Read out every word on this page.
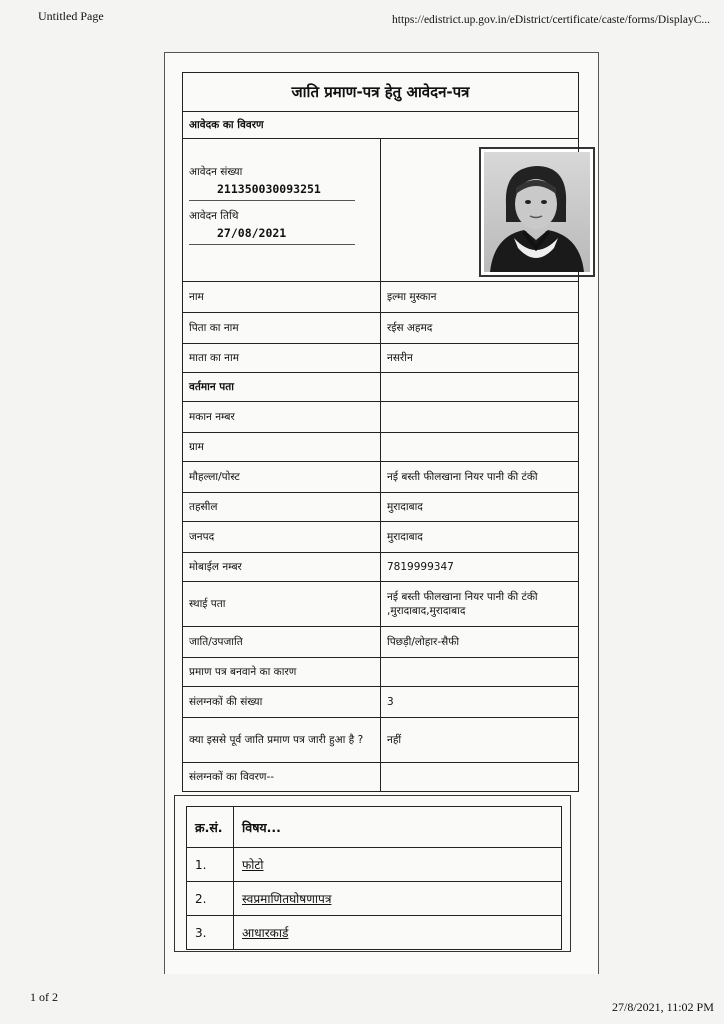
Untitled Page	https://edistrict.up.gov.in/eDistrict/certificate/caste/forms/DisplayC...
जाति प्रमाण-पत्र हेतु आवेदन-पत्र	
आवेदक का विवरण	

आवेदन संख्या
211350030093251
आवेदन तिथि
27/08/2021

नाम	इल्मा मुस्कान
पिता का नाम	रईस अहमद
माता का नाम	नसरीन
वर्तमान पता	
मकान नम्बर	
ग्राम	
मौहल्ला/पोस्ट	नई बस्ती फीलखाना नियर पानी की टंकी
तहसील	मुरादाबाद
जनपद	मुरादाबाद
मोबाईल नम्बर	7819999347
स्थाई पता	नई बस्ती फीलखाना नियर पानी की टंकी ,मुरादाबाद,मुरादाबाद
जाति/उपजाति	पिछड़ी/लोहार-सैफी
प्रमाण पत्र बनवाने का कारण	
संलग्नकों की संख्या	3
क्या इससे पूर्व जाति प्रमाण पत्र जारी हुआ है ?	नहीं
संलग्नकों का विवरण--	
क्र.सं.	विषय...
1.	फोटो
2.	स्वप्रमाणितघोषणापत्र
3.	आधारकार्ड
1 of 2
27/8/2021, 11:02 PM
